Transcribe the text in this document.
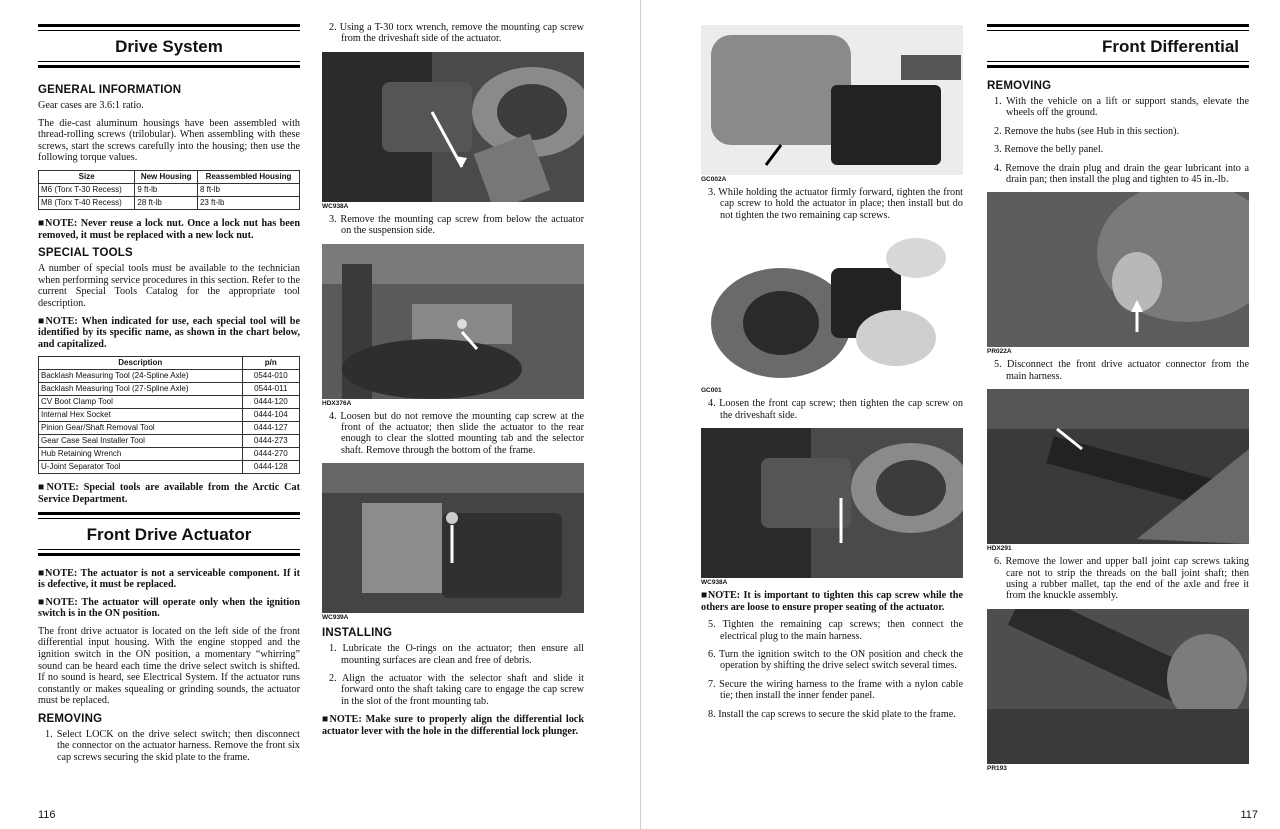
Drive System
GENERAL INFORMATION

Gear cases are 3.6:1 ratio.

The die-cast aluminum housings have been assembled with thread-rolling screws (trilobular). When assembling with these screws, start the screws carefully into the housing; then use the following torque values.

Size	New Housing	Reassembled Housing
M6 (Torx T-30 Recess)	9 ft-lb	8 ft-lb
M8 (Torx T-40 Recess)	28 ft-lb	23 ft-lb

■NOTE: Never reuse a lock nut. Once a lock nut has been removed, it must be replaced with a new lock nut.

SPECIAL TOOLS

A number of special tools must be available to the technician when performing service procedures in this section. Refer to the current Special Tools Catalog for the appropriate tool description.

■NOTE: When indicated for use, each special tool will be identified by its specific name, as shown in the chart below, and capitalized.

Description	p/n
Backlash Measuring Tool (24-Spline Axle)	0544-010
Backlash Measuring Tool (27-Spline Axle)	0544-011
CV Boot Clamp Tool	0444-120
Internal Hex Socket	0444-104
Pinion Gear/Shaft Removal Tool	0444-127
Gear Case Seal Installer Tool	0444-273
Hub Retaining Wrench	0444-270
U-Joint Separator Tool	0444-128

■NOTE: Special tools are available from the Arctic Cat Service Department.

Front Drive Actuator

■NOTE: The actuator is not a serviceable component. If it is defective, it must be replaced.

■NOTE: The actuator will operate only when the ignition switch is in the ON position.

The front drive actuator is located on the left side of the front differential input housing. With the engine stopped and the ignition switch in the ON position, a momentary “whirring” sound can be heard each time the drive select switch is shifted. If no sound is heard, see Electrical System. If the actuator runs constantly or makes squealing or grinding sounds, the actuator must be replaced.

REMOVING
1. Select LOCK on the drive select switch; then disconnect the connector on the actuator harness. Remove the front six cap screws securing the skid plate to the frame.
2. Using a T-30 torx wrench, remove the mounting cap screw from the driveshaft side of the actuator.
WC938A
3. Remove the mounting cap screw from below the actuator on the suspension side.
HDX376A
4. Loosen but do not remove the mounting cap screw at the front of the actuator; then slide the actuator to the rear enough to clear the slotted mounting tab and the selector shaft. Remove through the bottom of the frame.
WC939A
INSTALLING
1. Lubricate the O-rings on the actuator; then ensure all mounting surfaces are clean and free of debris.
2. Align the actuator with the selector shaft and slide it forward onto the shaft taking care to engage the cap screw in the slot of the front mounting tab.

■NOTE: Make sure to properly align the differential lock actuator lever with the hole in the differential lock plunger.

116
GC002A
3. While holding the actuator firmly forward, tighten the front cap screw to hold the actuator in place; then install but do not tighten the two remaining cap screws.
GC001
4. Loosen the front cap screw; then tighten the cap screw on the driveshaft side.
WC938A

■NOTE: It is important to tighten this cap screw while the others are loose to ensure proper seating of the actuator.

5. Tighten the remaining cap screws; then connect the electrical plug to the main harness.
6. Turn the ignition switch to the ON position and check the operation by shifting the drive select switch several times.
7. Secure the wiring harness to the frame with a nylon cable tie; then install the inner fender panel.
8. Install the cap screws to secure the skid plate to the frame.
Front Differential
REMOVING
1. With the vehicle on a lift or support stands, elevate the wheels off the ground.
2. Remove the hubs (see Hub in this section).
3. Remove the belly panel.
4. Remove the drain plug and drain the gear lubricant into a drain pan; then install the plug and tighten to 45 in.-lb.
PR022A
5. Disconnect the front drive actuator connector from the main harness.
HDX291
6. Remove the lower and upper ball joint cap screws taking care not to strip the threads on the ball joint shaft; then using a rubber mallet, tap the end of the axle and free it from the knuckle assembly.
PR193
117
